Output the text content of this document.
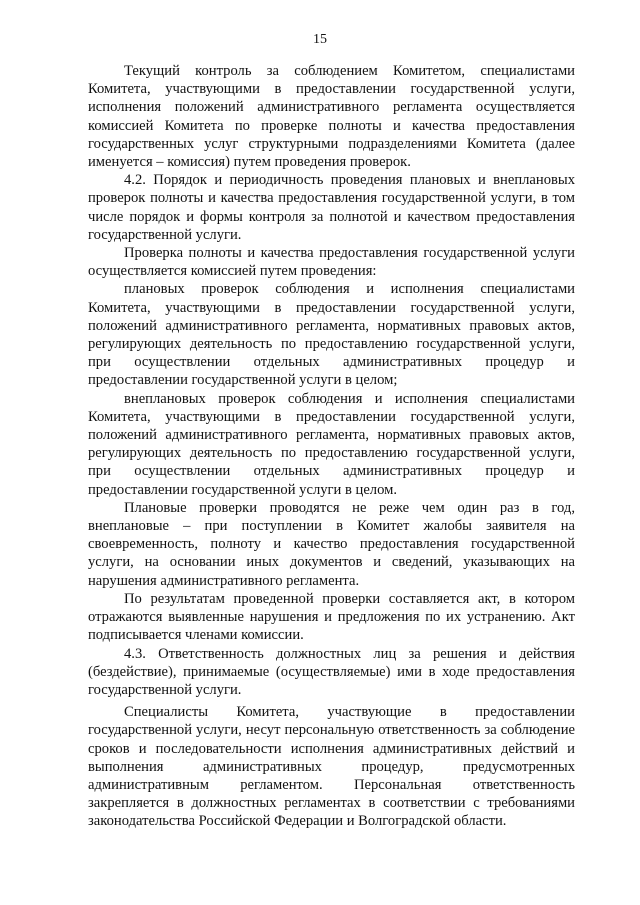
15

Текущий контроль за соблюдением Комитетом, специалистами Комитета, участвующими в предоставлении государственной услуги, исполнения положений административного регламента осуществляется комиссией Комитета по проверке полноты и качества предоставления государственных услуг структурными подразделениями Комитета (далее именуется – комиссия) путем проведения проверок.

4.2. Порядок и периодичность проведения плановых и внеплановых проверок полноты и качества предоставления государственной услуги, в том числе порядок и формы контроля за полнотой и качеством предоставления государственной услуги.

Проверка полноты и качества предоставления государственной услуги осуществляется комиссией путем проведения:

плановых проверок соблюдения и исполнения специалистами Комитета, участвующими в предоставлении государственной услуги, положений административного регламента, нормативных правовых актов, регулирующих деятельность по предоставлению государственной услуги, при осуществлении отдельных административных процедур и предоставлении государственной услуги в целом;

внеплановых проверок соблюдения и исполнения специалистами Комитета, участвующими в предоставлении государственной услуги, положений административного регламента, нормативных правовых актов, регулирующих деятельность по предоставлению государственной услуги, при осуществлении отдельных административных процедур и предоставлении государственной услуги в целом.

Плановые проверки проводятся не реже чем один раз в год, внеплановые – при поступлении в Комитет жалобы заявителя на своевременность, полноту и качество предоставления государственной услуги, на основании иных документов и сведений, указывающих на нарушения административного регламента.

По результатам проведенной проверки составляется акт, в котором отражаются выявленные нарушения и предложения по их устранению. Акт подписывается членами комиссии.

4.3. Ответственность должностных лиц за решения и действия (бездействие), принимаемые (осуществляемые) ими в ходе предоставления государственной услуги.

Специалисты Комитета, участвующие в предоставлении государственной услуги, несут персональную ответственность за соблюдение сроков и последовательности исполнения административных действий и выполнения административных процедур, предусмотренных административным регламентом. Персональная ответственность закрепляется в должностных регламентах в соответствии с требованиями законодательства Российской Федерации и Волгоградской области.
